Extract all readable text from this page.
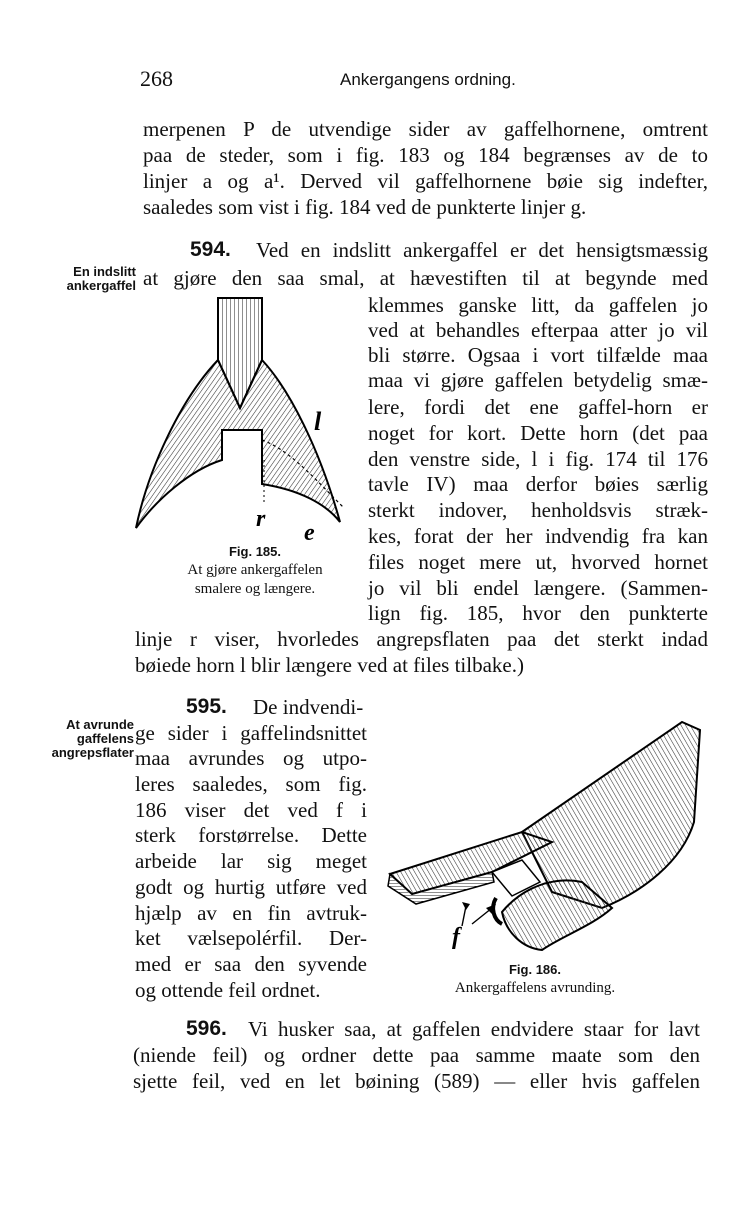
268	Ankergangens ordning.
merpenen P de utvendige sider av gaffelhornene, omtrent
paa de steder, som i fig. 183 og 184 begrænses av de to
linjer a og a¹. Derved vil gaffelhornene bøie sig indefter,
saaledes som vist i fig. 184 ved de punkterte linjer g.
594. Ved en indslitt ankergaffel er det hensigtsmæssig
En indslitt
ankergaffel at gjøre den saa smal, at hævestiften til at begynde med
klemmes ganske litt, da gaffelen jo
ved at behandles efterpaa atter jo vil
bli større. Ogsaa i vort tilfælde maa
maa vi gjøre gaffelen betydelig smæ-
lere, fordi det ene gaffel-horn er
noget for kort. Dette horn (det paa
den venstre side, l i fig. 174 til 176
tavle IV) maa derfor bøies særlig
sterkt indover, henholdsvis stræk-
kes, forat der her indvendig fra kan
files noget mere ut, hvorved hornet
jo vil bli endel længere. (Sammen-
lign fig. 185, hvor den punkterte
linje r viser, hvorledes angrepsflaten paa det sterkt indad
bøiede horn l blir længere ved at files tilbake.)
l
r
e
Fig. 185.
At gjøre ankergaffelen
smalere og længere.
595. De indvendi-
At avrunde
gaffelens
angrepsflater
ge sider i gaffelindsnittet
maa avrundes og utpo-
leres saaledes, som fig.
186 viser det ved f i
sterk forstørrelse. Dette
arbeide lar sig meget
godt og hurtig utføre ved
hjælp av en fin avtruk-
ket vælsepolérfil. Der-
med er saa den syvende
og ottende feil ordnet.
f
Fig. 186.
Ankergaffelens avrunding.
596. Vi husker saa, at gaffelen endvidere staar for lavt
(niende feil) og ordner dette paa samme maate som den
sjette feil, ved en let bøining (589) — eller hvis gaffelen
